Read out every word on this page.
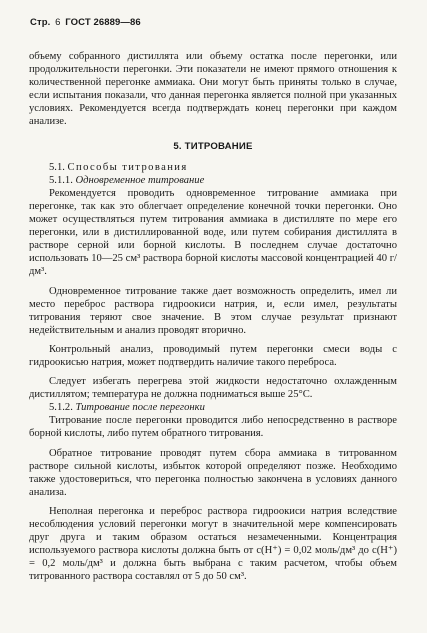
Стр. 6 ГОСТ 26889—86

объему собранного дистиллята или объему остатка после перегонки, или продолжительности перегонки. Эти показатели не имеют прямого отношения к количественной перегонке аммиака. Они могут быть приняты только в случае, если испытания показали, что данная перегонка является полной при указанных условиях. Рекомендуется всегда подтверждать конец перегонки при каждом анализе.

5. ТИТРОВАНИЕ

5.1. Способы титрования

5.1.1. Одновременное титрование

Рекомендуется проводить одновременное титрование аммиака при перегонке, так как это облегчает определение конечной точки перегонки. Оно может осуществляться путем титрования аммиака в дистилляте по мере его перегонки, или в дистиллированной воде, или путем собирания дистиллята в растворе серной или борной кислоты. В последнем случае достаточно использовать 10—25 см³ раствора борной кислоты массовой концентрацией 40 г/дм³.

Одновременное титрование также дает возможность определить, имел ли место переброс раствора гидроокиси натрия, и, если имел, результаты титрования теряют свое значение. В этом случае результат признают недействительным и анализ проводят вторично.

Контрольный анализ, проводимый путем перегонки смеси воды с гидроокисью натрия, может подтвердить наличие такого переброса.

Следует избегать перегрева этой жидкости недостаточно охлажденным дистиллятом; температура не должна подниматься выше 25°С.

5.1.2. Титрование после перегонки

Титрование после перегонки проводится либо непосредственно в растворе борной кислоты, либо путем обратного титрования.

Обратное титрование проводят путем сбора аммиака в титрованном растворе сильной кислоты, избыток которой определяют позже. Необходимо также удостовериться, что перегонка полностью закончена в условиях данного анализа.

Неполная перегонка и переброс раствора гидроокиси натрия вследствие несоблюдения условий перегонки могут в значительной мере компенсировать друг друга и таким образом остаться незамеченными. Концентрация используемого раствора кислоты должна быть от c(H⁺) = 0,02 моль/дм³ до c(H⁺) = 0,2 моль/дм³ и должна быть выбрана с таким расчетом, чтобы объем титрованного раствора составлял от 5 до 50 см³.
